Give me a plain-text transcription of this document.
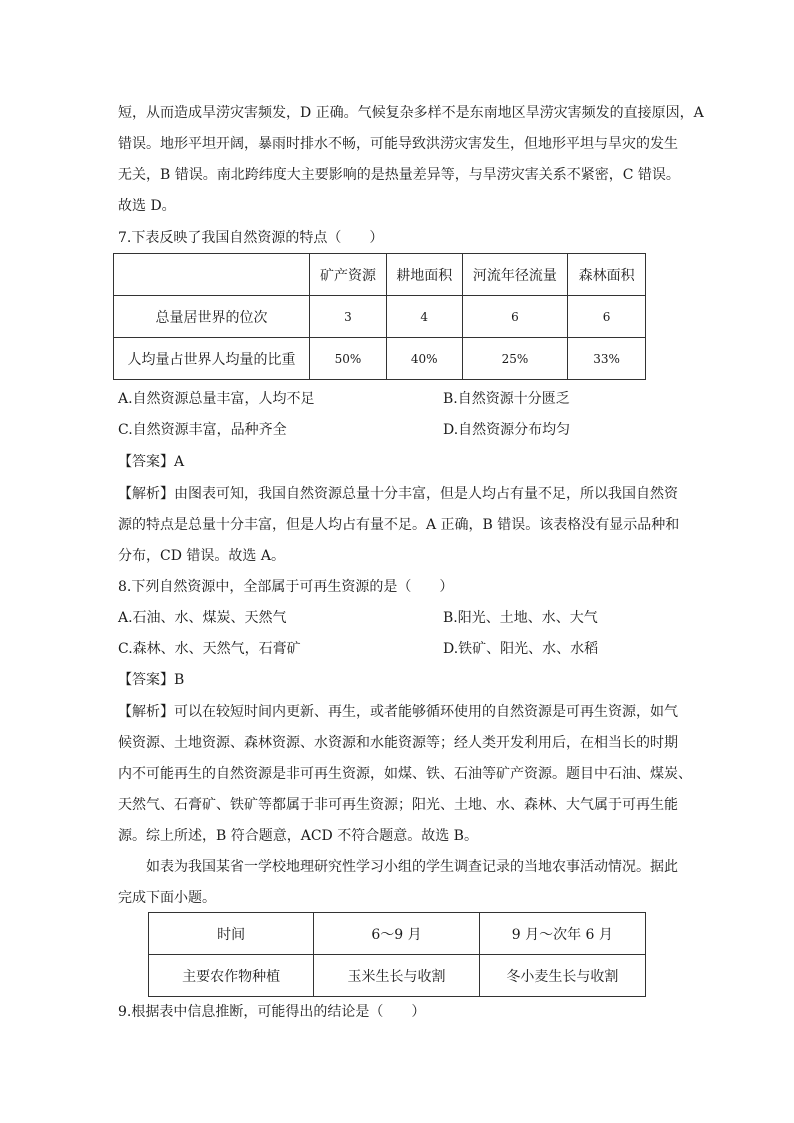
短，从而造成旱涝灾害频发，D 正确。气候复杂多样不是东南地区旱涝灾害频发的直接原因，A
错误。地形平坦开阔，暴雨时排水不畅，可能导致洪涝灾害发生，但地形平坦与旱灾的发生
无关，B 错误。南北跨纬度大主要影响的是热量差异等，与旱涝灾害关系不紧密，C 错误。
故选 D。
7.下表反映了我国自然资源的特点（　　）
	矿产资源	耕地面积	河流年径流量	森林面积
总量居世界的位次	3	4	6	6
人均量占世界人均量的比重	50%	40%	25%	33%
A.自然资源总量丰富，人均不足	B.自然资源十分匮乏
C.自然资源丰富，品种齐全	D.自然资源分布均匀
【答案】A
【解析】由图表可知，我国自然资源总量十分丰富，但是人均占有量不足，所以我国自然资
源的特点是总量十分丰富，但是人均占有量不足。A 正确，B 错误。该表格没有显示品种和
分布，CD 错误。故选 A。
8.下列自然资源中，全部属于可再生资源的是（　　）
A.石油、水、煤炭、天然气	B.阳光、土地、水、大气
C.森林、水、天然气，石膏矿	D.铁矿、阳光、水、水稻
【答案】B
【解析】可以在较短时间内更新、再生，或者能够循环使用的自然资源是可再生资源，如气
候资源、土地资源、森林资源、水资源和水能资源等；经人类开发利用后，在相当长的时期
内不可能再生的自然资源是非可再生资源，如煤、铁、石油等矿产资源。题目中石油、煤炭、
天然气、石膏矿、铁矿等都属于非可再生资源；阳光、土地、水、森林、大气属于可再生能
源。综上所述，B 符合题意，ACD 不符合题意。故选 B。
如表为我国某省一学校地理研究性学习小组的学生调查记录的当地农事活动情况。据此
完成下面小题。
时间	6～9 月	9 月～次年 6 月
主要农作物种植	玉米生长与收割	冬小麦生长与收割
9.根据表中信息推断，可能得出的结论是（　　）
